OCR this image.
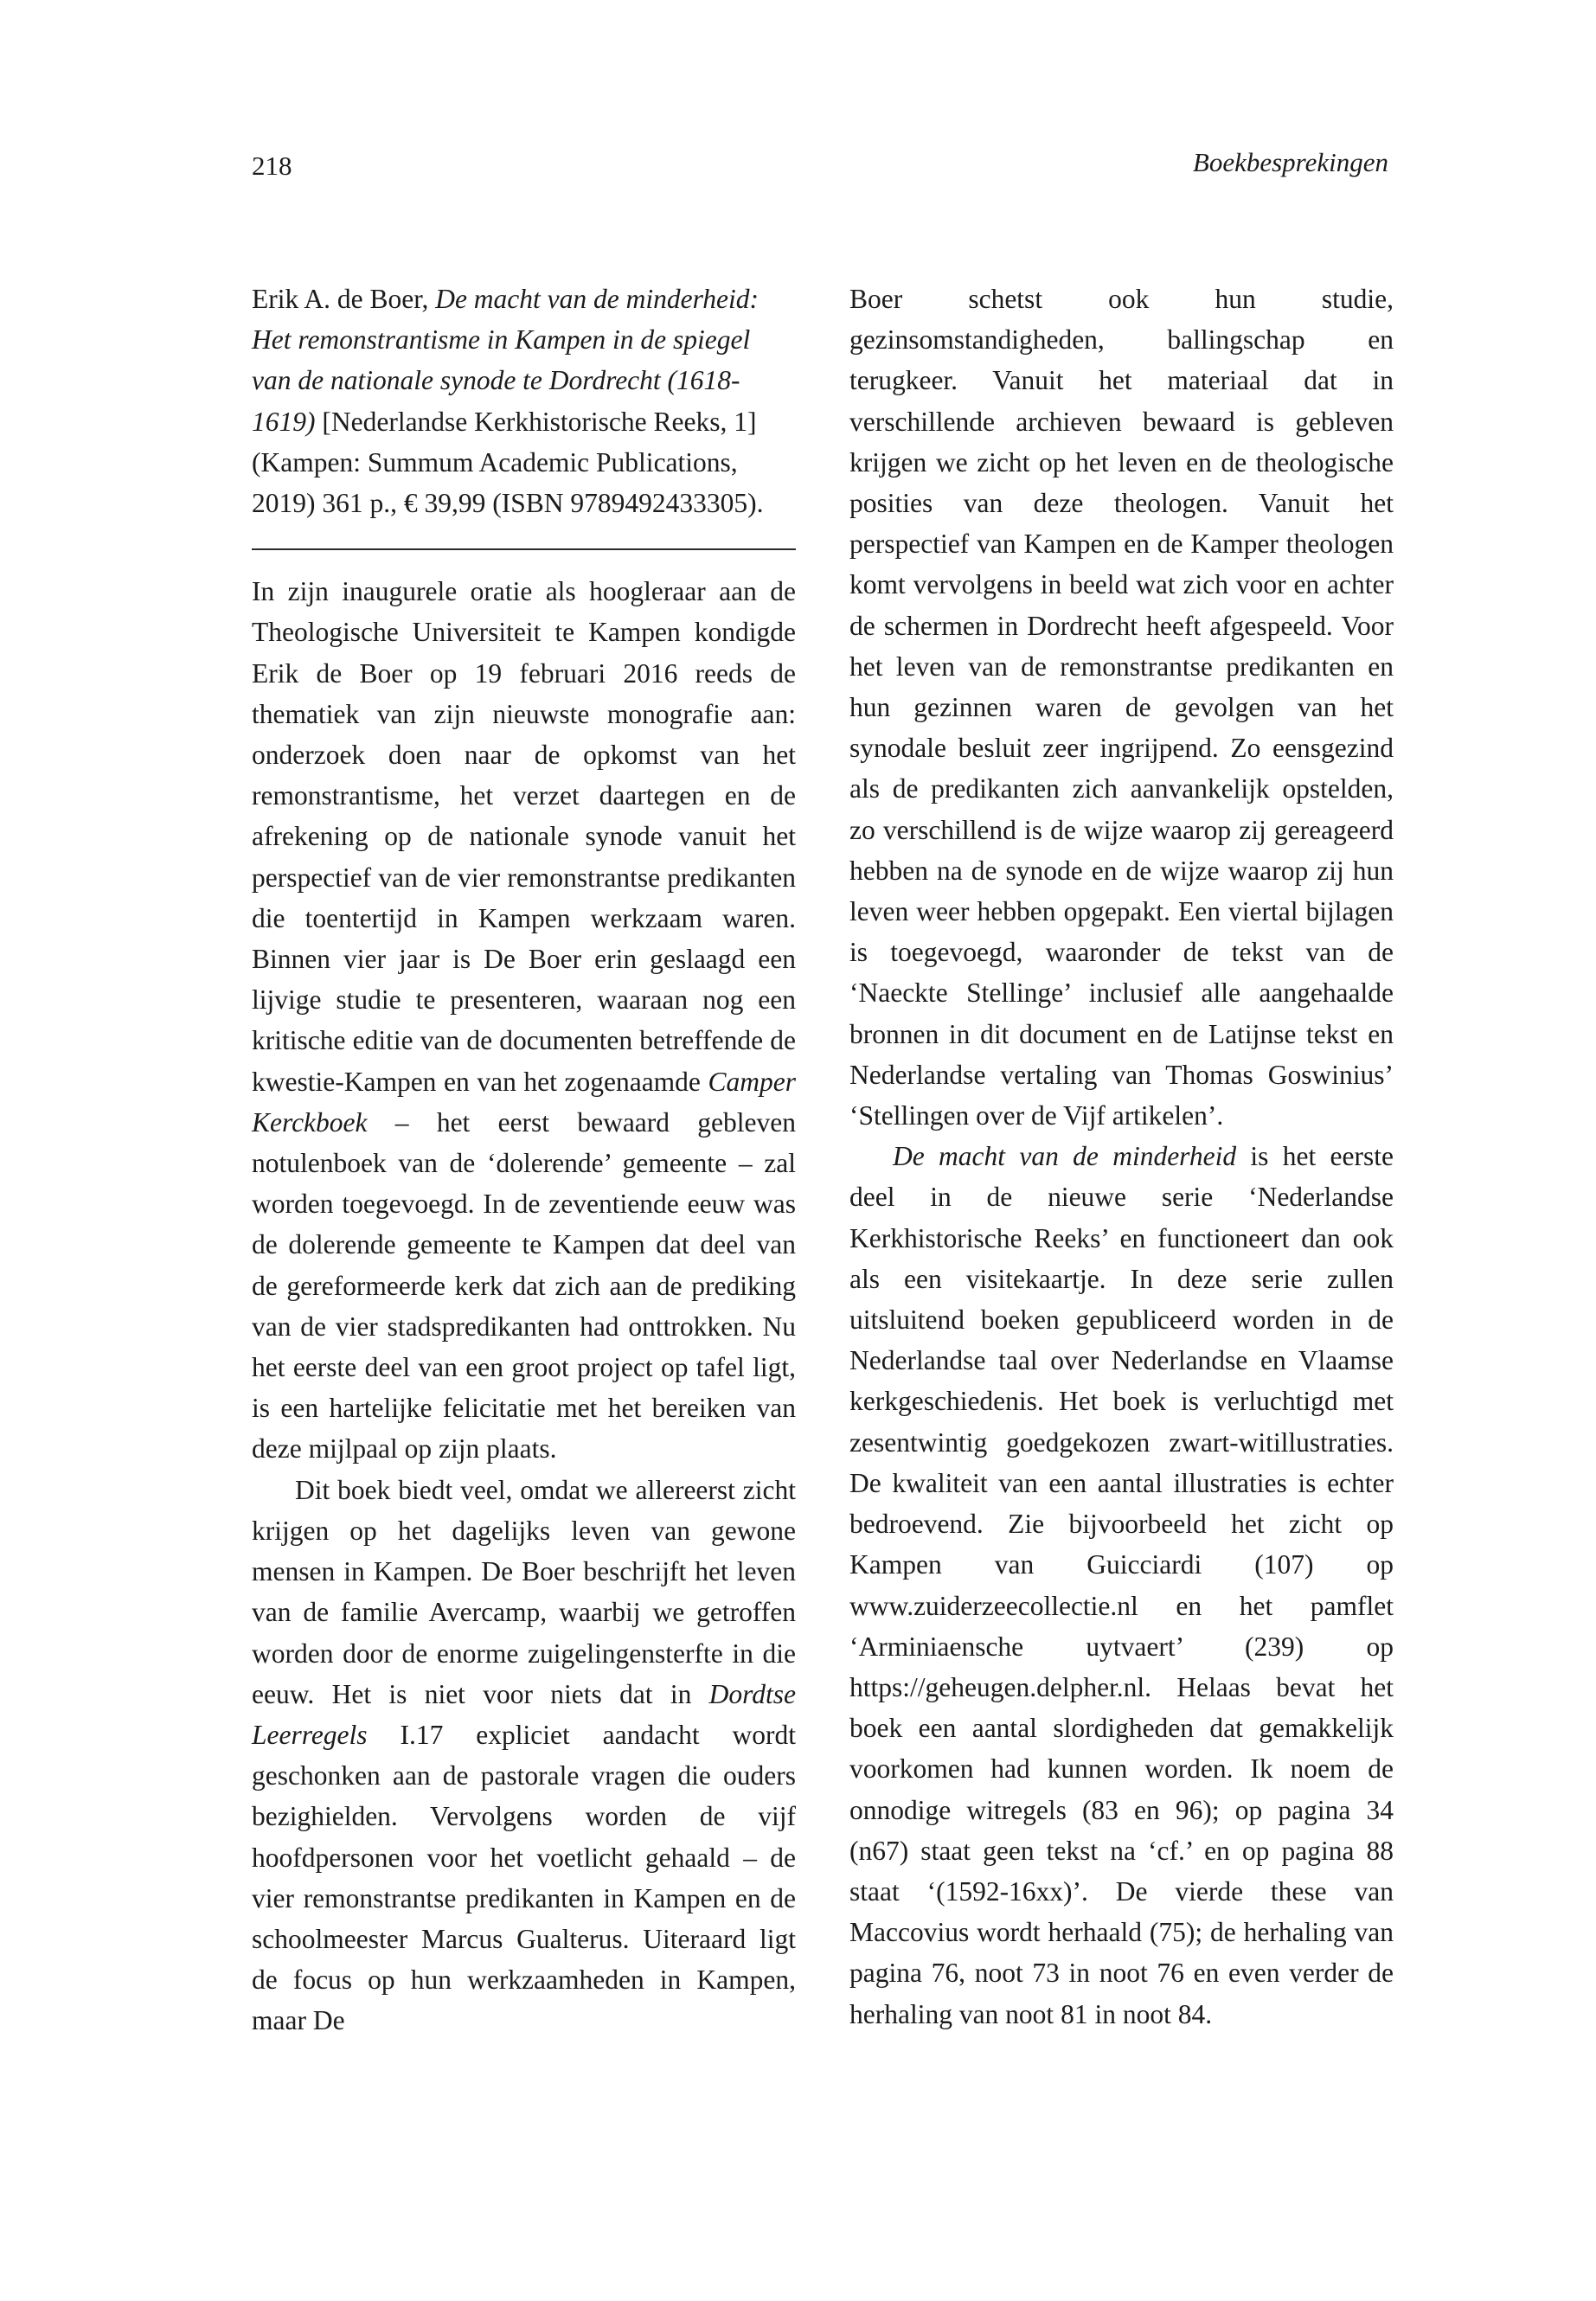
218	Boekbesprekingen

Erik A. de Boer, De macht van de minderheid: Het remonstrantisme in Kampen in de spiegel van de nationale synode te Dordrecht (1618-1619) [Nederlandse Kerkhistorische Reeks, 1] (Kampen: Summum Academic Publications, 2019) 361 p., € 39,99 (ISBN 9789492433305).

In zijn inaugurele oratie als hoogleraar aan de Theologische Universiteit te Kampen kondigde Erik de Boer op 19 februari 2016 reeds de thematiek van zijn nieuwste monografie aan: onderzoek doen naar de opkomst van het remonstrantisme, het verzet daartegen en de afrekening op de nationale synode vanuit het perspectief van de vier remonstrantse predikanten die toentertijd in Kampen werkzaam waren. Binnen vier jaar is De Boer erin geslaagd een lijvige studie te presenteren, waaraan nog een kritische editie van de documenten betreffende de kwestie-Kampen en van het zogenaamde Camper Kerckboek – het eerst bewaard gebleven notulenboek van de ‘dolerende’ gemeente – zal worden toegevoegd. In de zeventiende eeuw was de dolerende gemeente te Kampen dat deel van de gereformeerde kerk dat zich aan de prediking van de vier stadspredikanten had onttrokken. Nu het eerste deel van een groot project op tafel ligt, is een hartelijke felicitatie met het bereiken van deze mijlpaal op zijn plaats.

Dit boek biedt veel, omdat we allereerst zicht krijgen op het dagelijks leven van gewone mensen in Kampen. De Boer beschrijft het leven van de familie Avercamp, waarbij we getroffen worden door de enorme zuigelingensterfte in die eeuw. Het is niet voor niets dat in Dordtse Leerregels I.17 expliciet aandacht wordt geschonken aan de pastorale vragen die ouders bezighielden. Vervolgens worden de vijf hoofdpersonen voor het voetlicht gehaald – de vier remonstrantse predikanten in Kampen en de schoolmeester Marcus Gualterus. Uiteraard ligt de focus op hun werkzaamheden in Kampen, maar De

Boer schetst ook hun studie, gezinsomstandigheden, ballingschap en terugkeer. Vanuit het materiaal dat in verschillende archieven bewaard is gebleven krijgen we zicht op het leven en de theologische posities van deze theologen. Vanuit het perspectief van Kampen en de Kamper theologen komt vervolgens in beeld wat zich voor en achter de schermen in Dordrecht heeft afgespeeld. Voor het leven van de remonstrantse predikanten en hun gezinnen waren de gevolgen van het synodale besluit zeer ingrijpend. Zo eensgezind als de predikanten zich aanvankelijk opstelden, zo verschillend is de wijze waarop zij gereageerd hebben na de synode en de wijze waarop zij hun leven weer hebben opgepakt. Een viertal bijlagen is toegevoegd, waaronder de tekst van de ‘Naeckte Stellinge’ inclusief alle aangehaalde bronnen in dit document en de Latijnse tekst en Nederlandse vertaling van Thomas Goswinius’ ‘Stellingen over de Vijf artikelen’.

De macht van de minderheid is het eerste deel in de nieuwe serie ‘Nederlandse Kerkhistorische Reeks’ en functioneert dan ook als een visitekaartje. In deze serie zullen uitsluitend boeken gepubliceerd worden in de Nederlandse taal over Nederlandse en Vlaamse kerkgeschiedenis. Het boek is verluchtigd met zesentwintig goedgekozen zwart-witillustraties. De kwaliteit van een aantal illustraties is echter bedroevend. Zie bijvoorbeeld het zicht op Kampen van Guicciardi (107) op www.zuiderzeecollectie.nl en het pamflet ‘Arminiaensche uytvaert’ (239) op https://geheugen.delpher.nl. Helaas bevat het boek een aantal slordigheden dat gemakkelijk voorkomen had kunnen worden. Ik noem de onnodige witregels (83 en 96); op pagina 34 (n67) staat geen tekst na ‘cf.’ en op pagina 88 staat ‘(1592-16xx)’. De vierde these van Maccovius wordt herhaald (75); de herhaling van pagina 76, noot 73 in noot 76 en even verder de herhaling van noot 81 in noot 84.
